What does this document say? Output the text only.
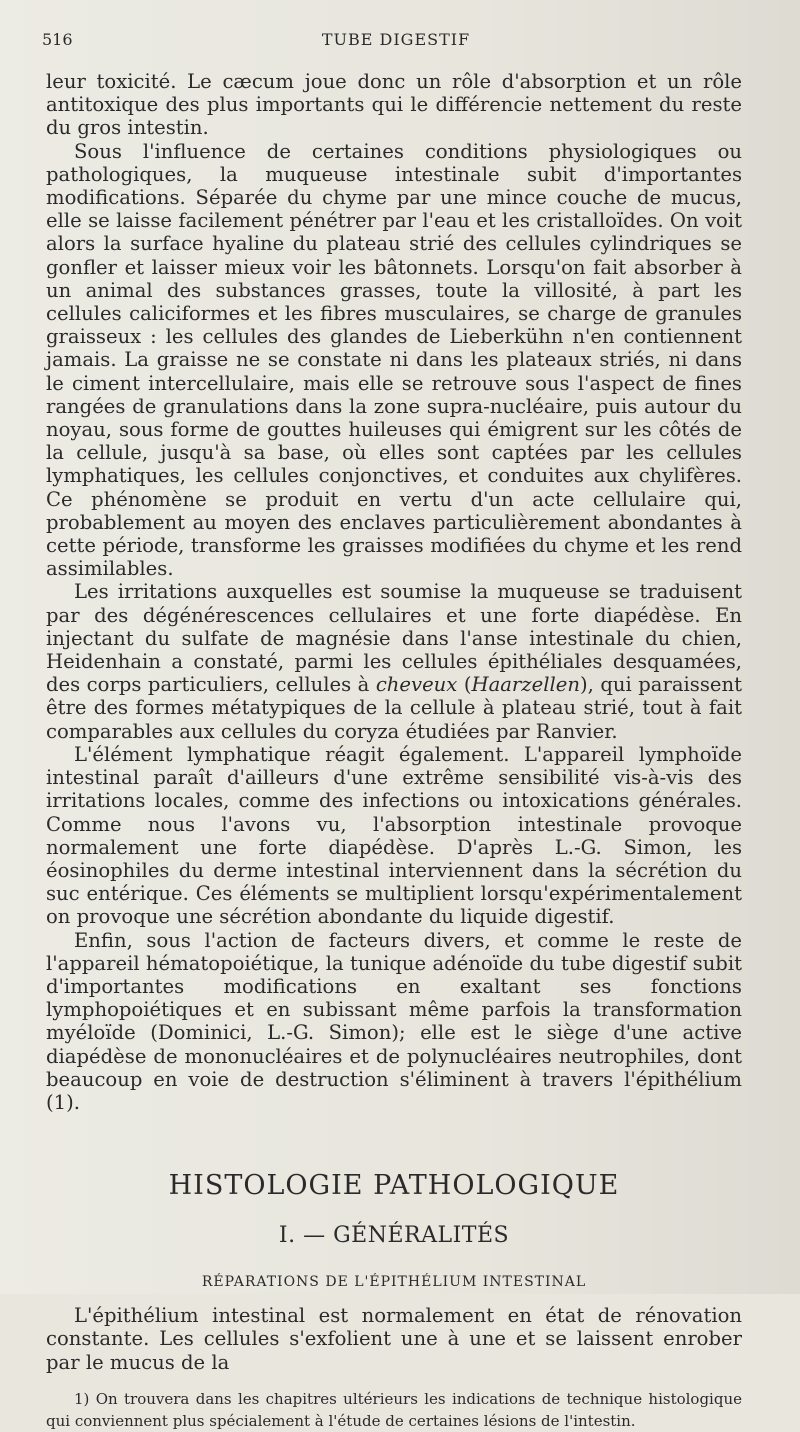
516	TUBE DIGESTIF

leur toxicité. Le cæcum joue donc un rôle d'absorption et un rôle antitoxique des plus importants qui le différencie nettement du reste du gros intestin.

Sous l'influence de certaines conditions physiologiques ou pathologiques, la muqueuse intestinale subit d'importantes modifications. Séparée du chyme par une mince couche de mucus, elle se laisse facilement pénétrer par l'eau et les cristalloïdes. On voit alors la surface hyaline du plateau strié des cellules cylindriques se gonfler et laisser mieux voir les bâtonnets. Lorsqu'on fait absorber à un animal des substances grasses, toute la villosité, à part les cellules caliciformes et les fibres musculaires, se charge de granules graisseux : les cellules des glandes de Lieberkühn n'en contiennent jamais. La graisse ne se constate ni dans les plateaux striés, ni dans le ciment intercellulaire, mais elle se retrouve sous l'aspect de fines rangées de granulations dans la zone supra-nucléaire, puis autour du noyau, sous forme de gouttes huileuses qui émigrent sur les côtés de la cellule, jusqu'à sa base, où elles sont captées par les cellules lymphatiques, les cellules conjonctives, et conduites aux chylifères. Ce phénomène se produit en vertu d'un acte cellulaire qui, probablement au moyen des enclaves particulièrement abondantes à cette période, transforme les graisses modifiées du chyme et les rend assimilables.

Les irritations auxquelles est soumise la muqueuse se traduisent par des dégénérescences cellulaires et une forte diapédèse. En injectant du sulfate de magnésie dans l'anse intestinale du chien, Heidenhain a constaté, parmi les cellules épithéliales desquamées, des corps particuliers, cellules à cheveux (Haarzellen), qui paraissent être des formes métatypiques de la cellule à plateau strié, tout à fait comparables aux cellules du coryza étudiées par Ranvier.

L'élément lymphatique réagit également. L'appareil lymphoïde intestinal paraît d'ailleurs d'une extrême sensibilité vis-à-vis des irritations locales, comme des infections ou intoxications générales. Comme nous l'avons vu, l'absorption intestinale provoque normalement une forte diapédèse. D'après L.-G. Simon, les éosinophiles du derme intestinal interviennent dans la sécrétion du suc entérique. Ces éléments se multiplient lorsqu'expérimentalement on provoque une sécrétion abondante du liquide digestif.

Enfin, sous l'action de facteurs divers, et comme le reste de l'appareil hématopoiétique, la tunique adénoïde du tube digestif subit d'importantes modifications en exaltant ses fonctions lymphopoiétiques et en subissant même parfois la transformation myéloïde (Dominici, L.-G. Simon); elle est le siège d'une active diapédèse de mononucléaires et de polynucléaires neutrophiles, dont beaucoup en voie de destruction s'éliminent à travers l'épithélium (1).

HISTOLOGIE PATHOLOGIQUE
I. — GÉNÉRALITÉS
RÉPARATIONS DE L'ÉPITHÉLIUM INTESTINAL

L'épithélium intestinal est normalement en état de rénovation constante. Les cellules s'exfolient une à une et se laissent enrober par le mucus de la

1) On trouvera dans les chapitres ultérieurs les indications de technique histologique qui conviennent plus spécialement à l'étude de certaines lésions de l'intestin.
